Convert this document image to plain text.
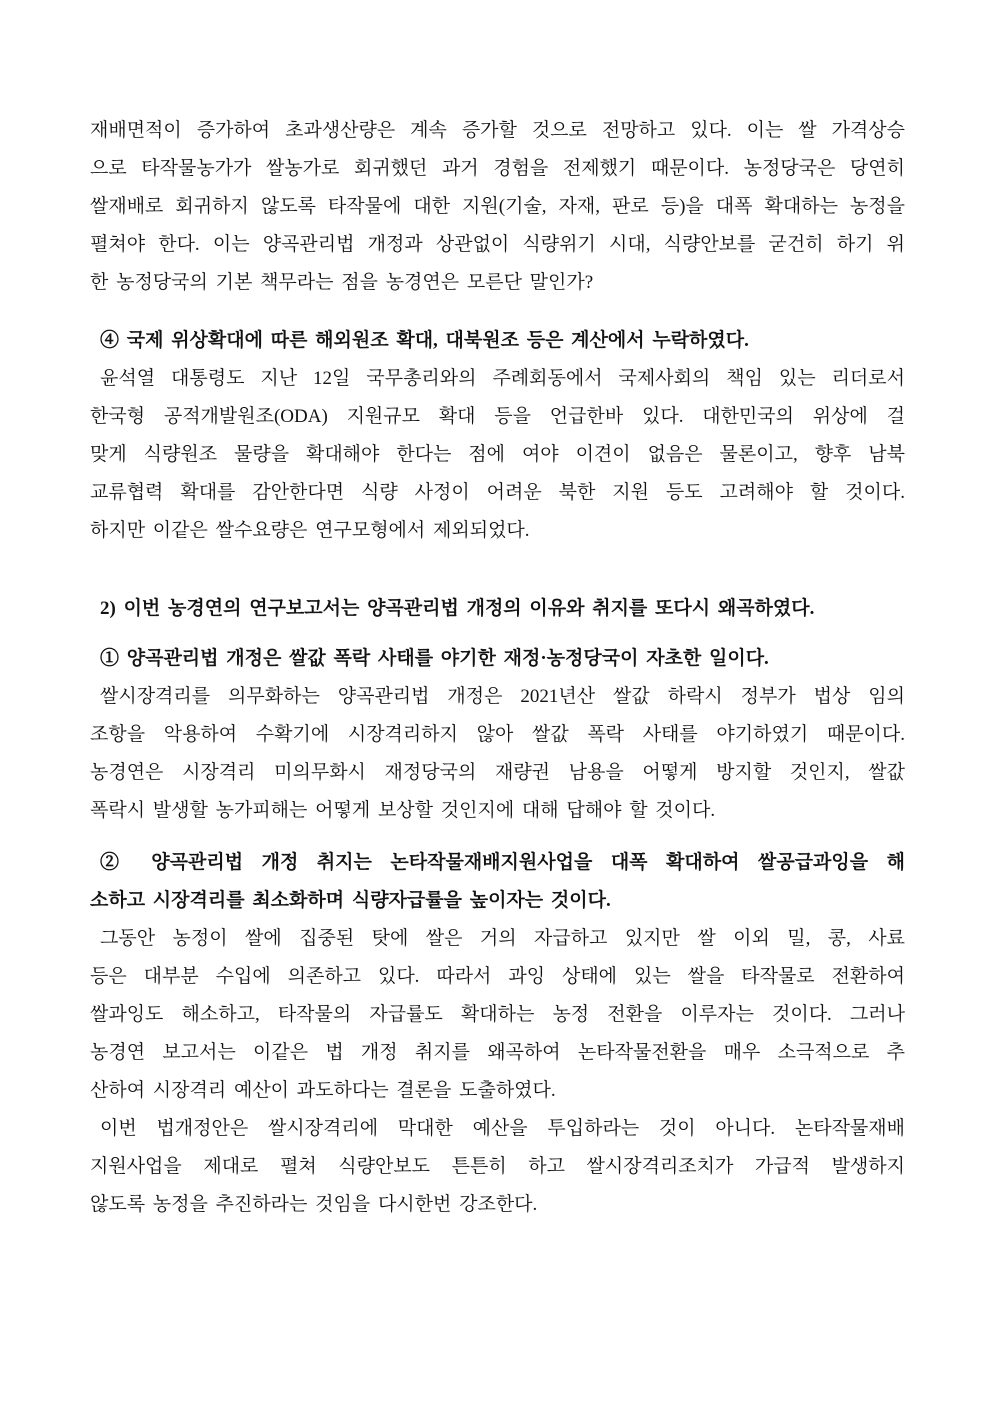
재배면적이 증가하여 초과생산량은 계속 증가할 것으로 전망하고 있다. 이는 쌀 가격상승
으로 타작물농가가 쌀농가로 회귀했던 과거 경험을 전제했기 때문이다. 농정당국은 당연히
쌀재배로 회귀하지 않도록 타작물에 대한 지원(기술, 자재, 판로 등)을 대폭 확대하는 농정을
펼쳐야 한다. 이는 양곡관리법 개정과 상관없이 식량위기 시대, 식량안보를 굳건히 하기 위
한 농정당국의 기본 책무라는 점을 농경연은 모른단 말인가?
④ 국제 위상확대에 따른 해외원조 확대, 대북원조 등은 계산에서 누락하였다.
윤석열 대통령도 지난 12일 국무총리와의 주례회동에서 국제사회의 책임 있는 리더로서
한국형 공적개발원조(ODA) 지원규모 확대 등을 언급한바 있다. 대한민국의 위상에 걸
맞게 식량원조 물량을 확대해야 한다는 점에 여야 이견이 없음은 물론이고, 향후 남북
교류협력 확대를 감안한다면 식량 사정이 어려운 북한 지원 등도 고려해야 할 것이다.
하지만 이같은 쌀수요량은 연구모형에서 제외되었다.
2) 이번 농경연의 연구보고서는 양곡관리법 개정의 이유와 취지를 또다시 왜곡하였다.
① 양곡관리법 개정은 쌀값 폭락 사태를 야기한 재정·농정당국이 자초한 일이다.
쌀시장격리를 의무화하는 양곡관리법 개정은 2021년산 쌀값 하락시 정부가 법상 임의
조항을 악용하여 수확기에 시장격리하지 않아 쌀값 폭락 사태를 야기하였기 때문이다.
농경연은 시장격리 미의무화시 재정당국의 재량권 남용을 어떻게 방지할 것인지, 쌀값
폭락시 발생할 농가피해는 어떻게 보상할 것인지에 대해 답해야 할 것이다.
② 양곡관리법 개정 취지는 논타작물재배지원사업을 대폭 확대하여 쌀공급과잉을 해
소하고 시장격리를 최소화하며 식량자급률을 높이자는 것이다.
그동안 농정이 쌀에 집중된 탓에 쌀은 거의 자급하고 있지만 쌀 이외 밀, 콩, 사료
등은 대부분 수입에 의존하고 있다. 따라서 과잉 상태에 있는 쌀을 타작물로 전환하여
쌀과잉도 해소하고, 타작물의 자급률도 확대하는 농정 전환을 이루자는 것이다. 그러나
농경연 보고서는 이같은 법 개정 취지를 왜곡하여 논타작물전환을 매우 소극적으로 추
산하여 시장격리 예산이 과도하다는 결론을 도출하였다.
이번 법개정안은 쌀시장격리에 막대한 예산을 투입하라는 것이 아니다. 논타작물재배
지원사업을 제대로 펼쳐 식량안보도 튼튼히 하고 쌀시장격리조치가 가급적 발생하지
않도록 농정을 추진하라는 것임을 다시한번 강조한다.
